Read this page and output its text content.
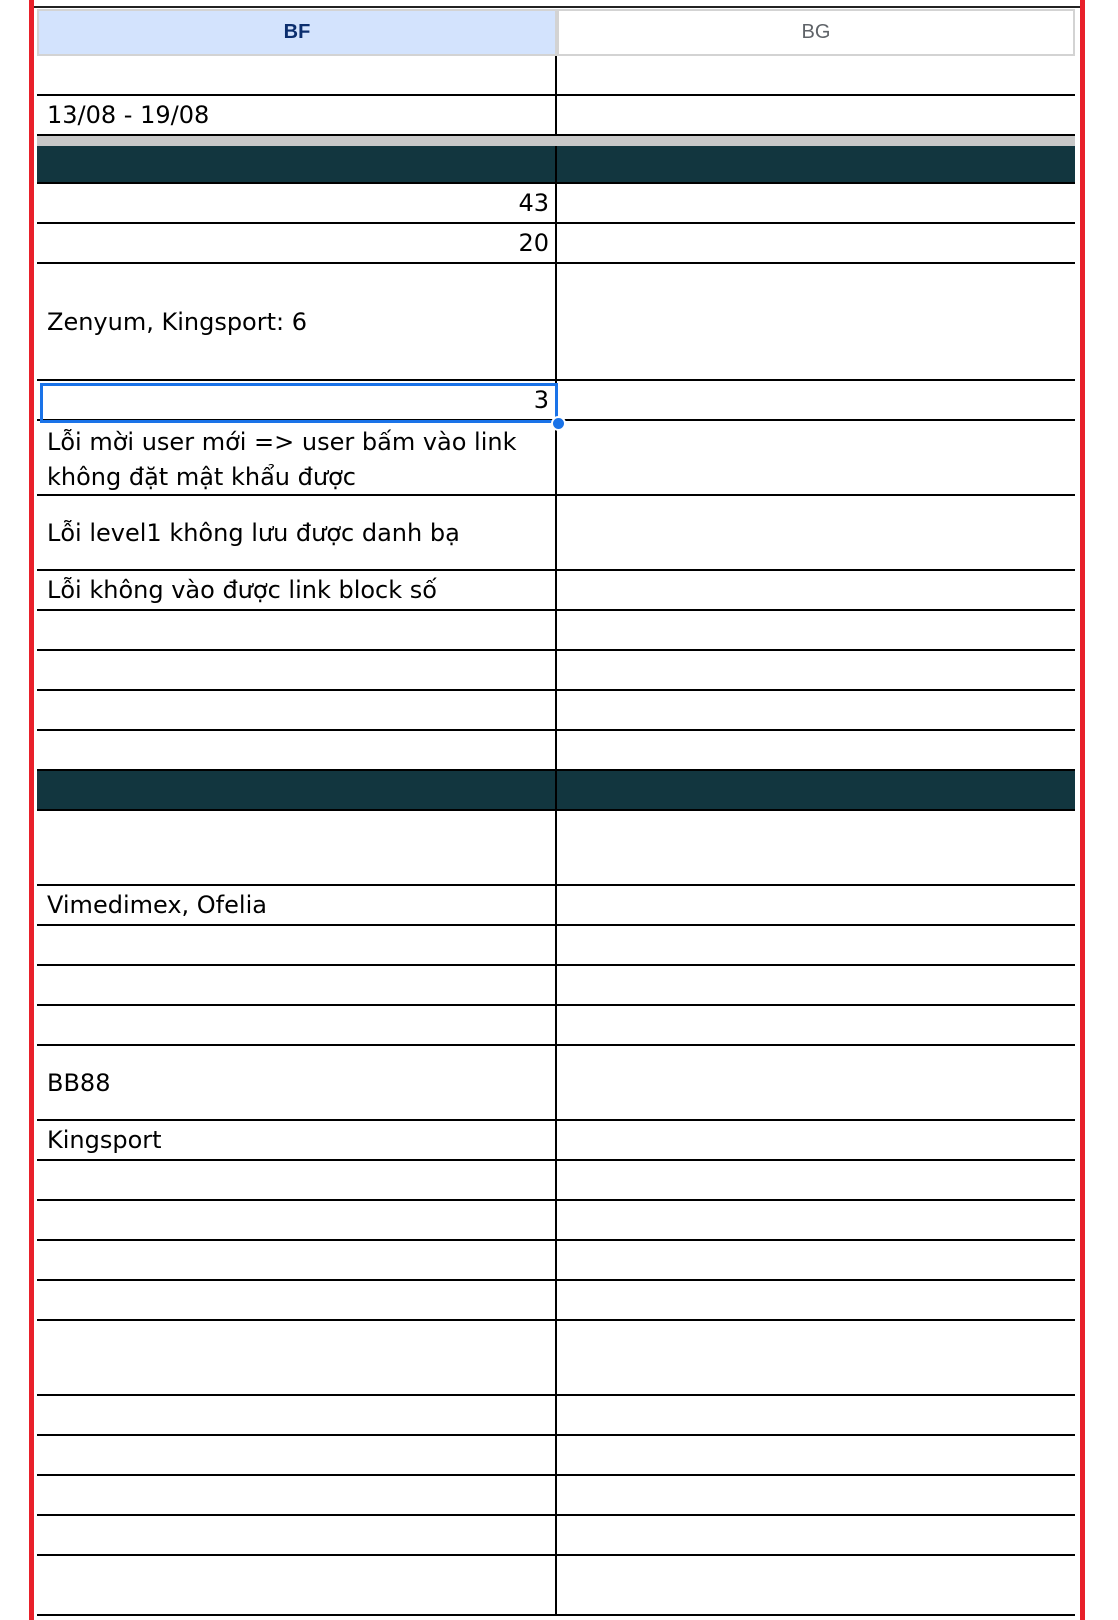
BF	BG
13/08 - 19/08
43
20
Zenyum, Kingsport: 6
3
Lỗi mời user mới => user bấm vào link không đặt mật khẩu được
Lỗi level1 không lưu được danh bạ
Lỗi không vào được link block số
Vimedimex, Ofelia
BB88
Kingsport
